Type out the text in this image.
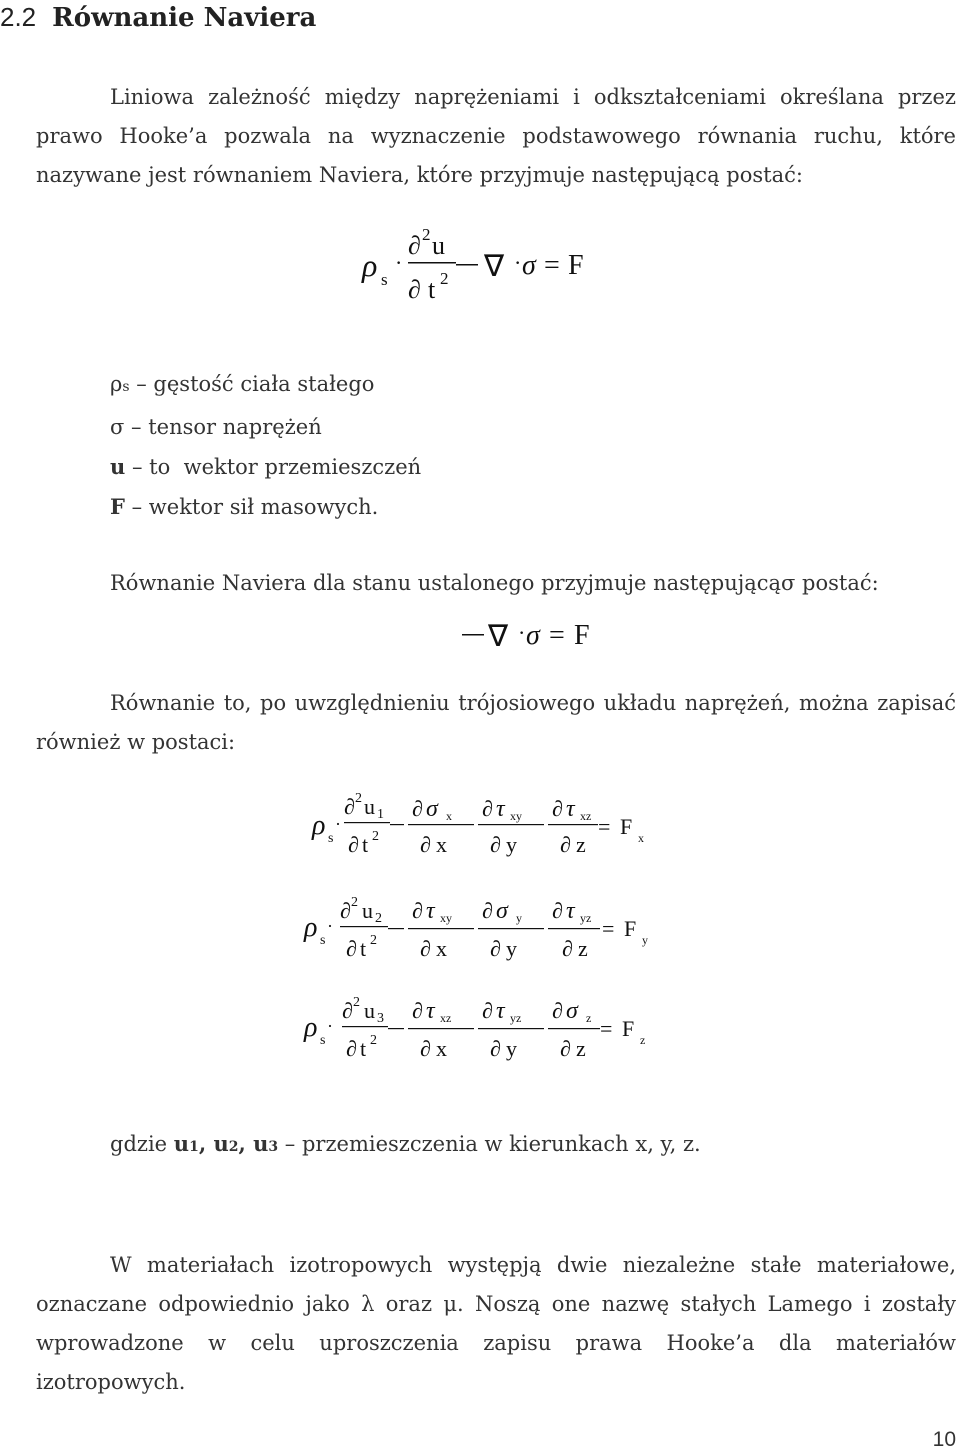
2.2 Równanie Naviera
Liniowa zależność między naprężeniami i odkształceniami określana przez prawo Hooke’a pozwala na wyznaczenie podstawowego równania ruchu, które nazywane jest równaniem Naviera, które przyjmuje następującą postać:
ρ s
·
∂ 2 u
∂ t 2 ∇ · σ = F
∇ · σ = F
ρ s
·
∂ 2 u 1
∂ t 2
∂ σ x
∂ x
∂ τ xy
∂ y
∂ τ xz
∂ z
= F x
ρ s
·
∂ 2 u 2
∂ t 2
∂ τ xy
∂ x
∂ σ y
∂ y
∂ τ yz
∂ z
= F y
ρ s
·
∂ 2 u 3
∂ t 2
∂ τ xz
∂ x
∂ τ yz
∂ y
∂ σ z
∂ z
= F z
ρs – gęstość ciała stałego
σ – tensor naprężeń
u – to  wektor przemieszczeń
F – wektor sił masowych.
Równanie Naviera dla stanu ustalonego przyjmuje następującąσ postać:
Równanie to, po uwzględnieniu trójosiowego układu naprężeń, można zapisać również w postaci:
gdzie u1, u2, u3 – przemieszczenia w kierunkach x, y, z.
W materiałach izotropowych występją dwie niezależne stałe materiałowe, oznaczane odpowiednio jako λ oraz μ. Noszą one nazwę stałych Lamego i zostały wprowadzone w celu uproszczenia zapisu prawa Hooke’a dla materiałów izotropowych.
10
